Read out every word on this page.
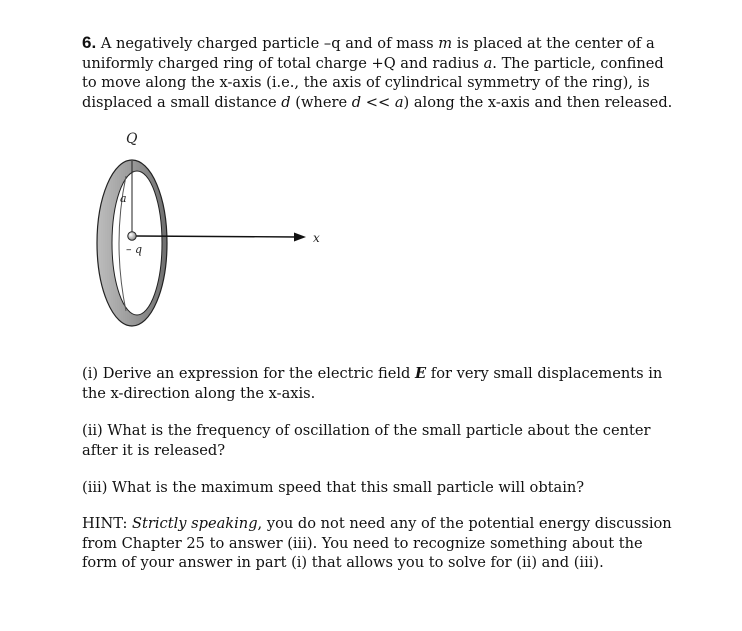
6. A negatively charged particle –q and of mass m is placed at the center of a uniformly charged ring of total charge +Q and radius a. The particle, confined to move along the x-axis (i.e., the axis of cylindrical symmetry of the ring), is displaced a small distance d (where d << a) along the x-axis and then released.

Q
a
– q
x

(i) Derive an expression for the electric field E for very small displacements in the x-direction along the x-axis.

(ii) What is the frequency of oscillation of the small particle about the center after it is released?

(iii) What is the maximum speed that this small particle will obtain?

HINT: Strictly speaking, you do not need any of the potential energy discussion from Chapter 25 to answer (iii). You need to recognize something about the form of your answer in part (i) that allows you to solve for (ii) and (iii).
